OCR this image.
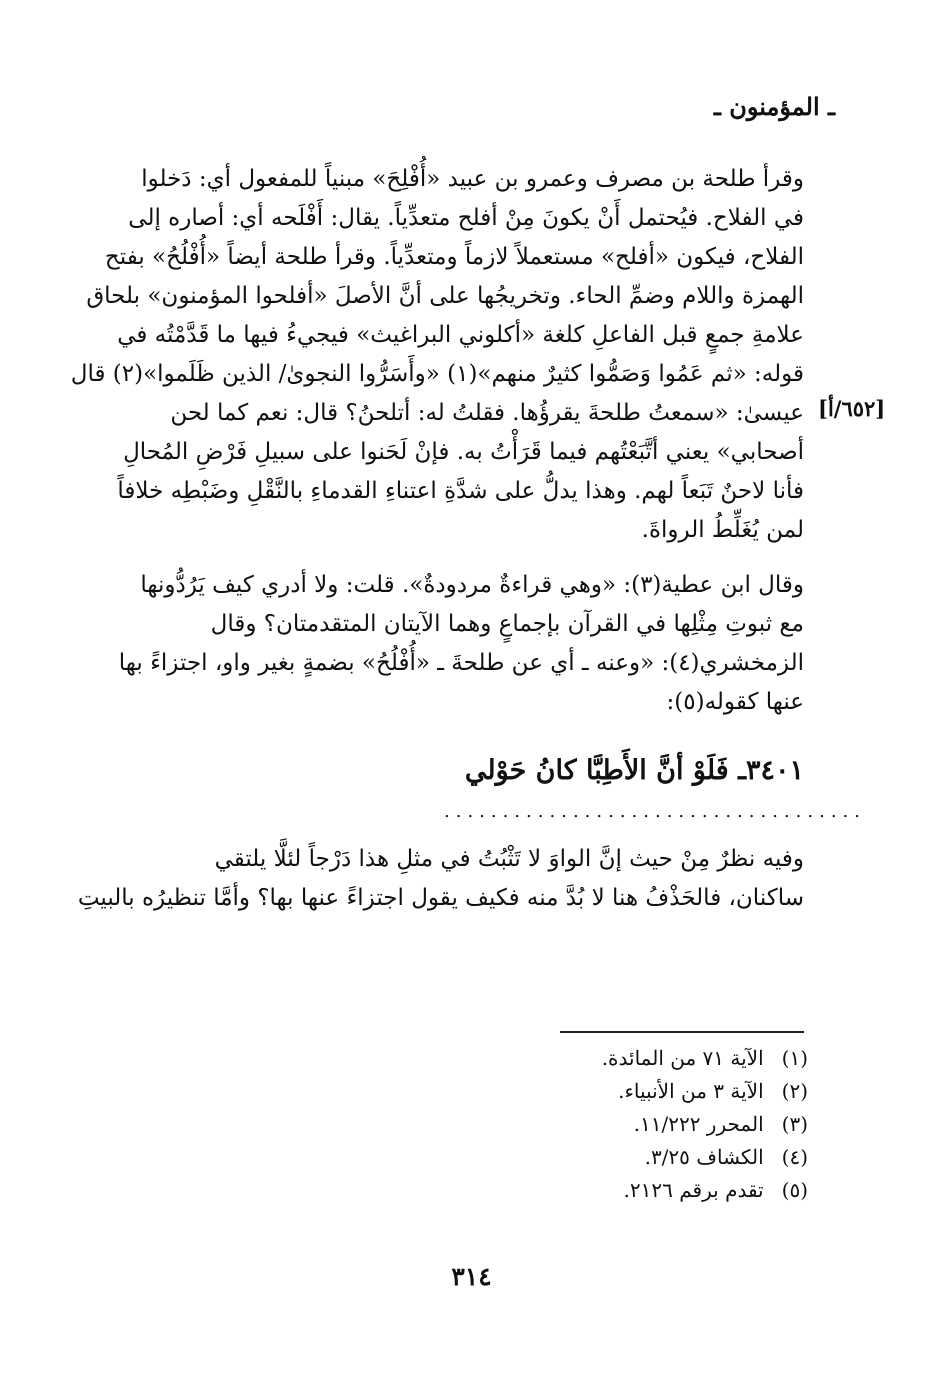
ـ المؤمنون ـ
[٦٥٢/أ]
وقرأ طلحة بن مصرف وعمرو بن عبيد «أُفْلِحَ» مبنياً للمفعول أي: دَخلوا
في الفلاح. فيُحتمل أَنْ يكونَ مِنْ أفلح متعدِّياً. يقال: أَفْلَحه أي: أصاره إلى
الفلاح، فيكون «أفلح» مستعملاً لازماً ومتعدِّياً. وقرأ طلحة أيضاً «أُفْلُحُ» بفتح
الهمزة واللام وضمِّ الحاء. وتخريجُها على أنَّ الأصلَ «أفلحوا المؤمنون» بلحاق
علامةِ جمعٍ قبل الفاعلِ كلغة «أكلوني البراغيث» فيجيءُ فيها ما قَدَّمْتُه في
قوله: «ثم عَمُوا وَصَمُّوا كثيرٌ منهم»(١) «وأَسَرُّوا النجوىٰ/ الذين ظَلَموا»(٢) قال
عيسىٰ: «سمعتُ طلحةَ يقرؤُها. فقلتُ له: أتلحنُ؟ قال: نعم كما لحن
أصحابي» يعني أتَّبَعْتُهم فيما قَرَأْتُ به. فإنْ لَحَنوا على سبيلِ فَرْضِ المُحالِ
فأنا لاحنٌ تَبَعاً لهم. وهذا يدلُّ على شدَّةِ اعتناءِ القدماءِ بالنَّقْلِ وضَبْطِه خلافاً
لمن يُغَلِّطُ الرواةَ.
وقال ابن عطية(٣): «وهي قراءةٌ مردودةٌ». قلت: ولا أدري كيف يَرُدُّونها
مع ثبوتِ مِثْلِها في القرآن بإجماعٍ وهما الآيتان المتقدمتان؟ وقال
الزمخشري(٤): «وعنه ـ أي عن طلحةَ ـ «أُفْلُحُ» بضمةٍ بغير واو، اجتزاءً بها
عنها كقوله(٥):
٣٤٠١ـ فَلَوْ أنَّ الأَطِبَّا كانُ حَوْلي
....................................
وفيه نظرٌ مِنْ حيث إنَّ الواوَ لا تَثْبُتُ في مثلِ هذا دَرْجاً لئلَّا يلتقي
ساكنان، فالحَذْفُ هنا لا بُدَّ منه فكيف يقول اجتزاءً عنها بها؟ وأمَّا تنظيرُه بالبيتِ
(١) الآية ٧١ من المائدة.
(٢) الآية ٣ من الأنبياء.
(٣) المحرر ١١/٢٢٢.
(٤) الكشاف ٣/٢٥.
(٥) تقدم برقم ٢١٢٦.
٣١٤
